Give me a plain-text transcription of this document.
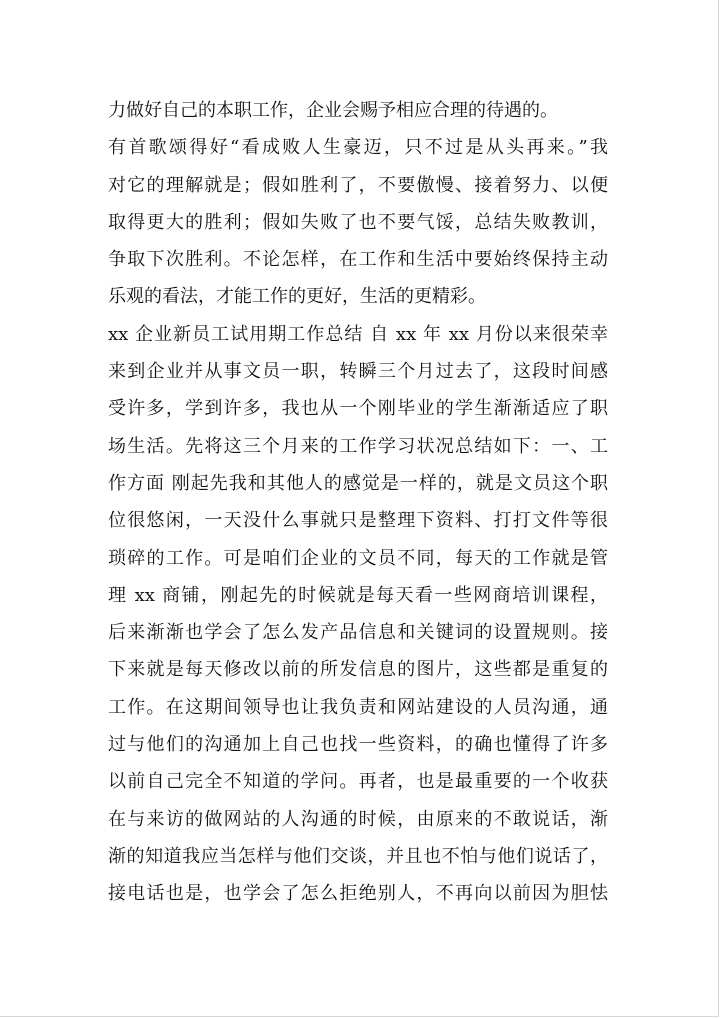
力做好自己的本职工作，企业会赐予相应合理的待遇的。
有首歌颂得好“看成败人生豪迈，只不过是从头再来。”我
对它的理解就是；假如胜利了，不要傲慢、接着努力、以便
取得更大的胜利；假如失败了也不要气馁，总结失败教训，
争取下次胜利。不论怎样，在工作和生活中要始终保持主动
乐观的看法，才能工作的更好，生活的更精彩。
xx 企业新员工试用期工作总结 自 xx 年 xx 月份以来很荣幸
来到企业并从事文员一职，转瞬三个月过去了，这段时间感
受许多，学到许多，我也从一个刚毕业的学生渐渐适应了职
场生活。先将这三个月来的工作学习状况总结如下：一、工
作方面 刚起先我和其他人的感觉是一样的，就是文员这个职
位很悠闲，一天没什么事就只是整理下资料、打打文件等很
琐碎的工作。可是咱们企业的文员不同，每天的工作就是管
理 xx 商铺，刚起先的时候就是每天看一些网商培训课程，
后来渐渐也学会了怎么发产品信息和关键词的设置规则。接
下来就是每天修改以前的所发信息的图片，这些都是重复的
工作。在这期间领导也让我负责和网站建设的人员沟通，通
过与他们的沟通加上自己也找一些资料，的确也懂得了许多
以前自己完全不知道的学问。再者，也是最重要的一个收获
在与来访的做网站的人沟通的时候，由原来的不敢说话，渐
渐的知道我应当怎样与他们交谈，并且也不怕与他们说话了，
接电话也是，也学会了怎么拒绝别人，不再向以前因为胆怯
